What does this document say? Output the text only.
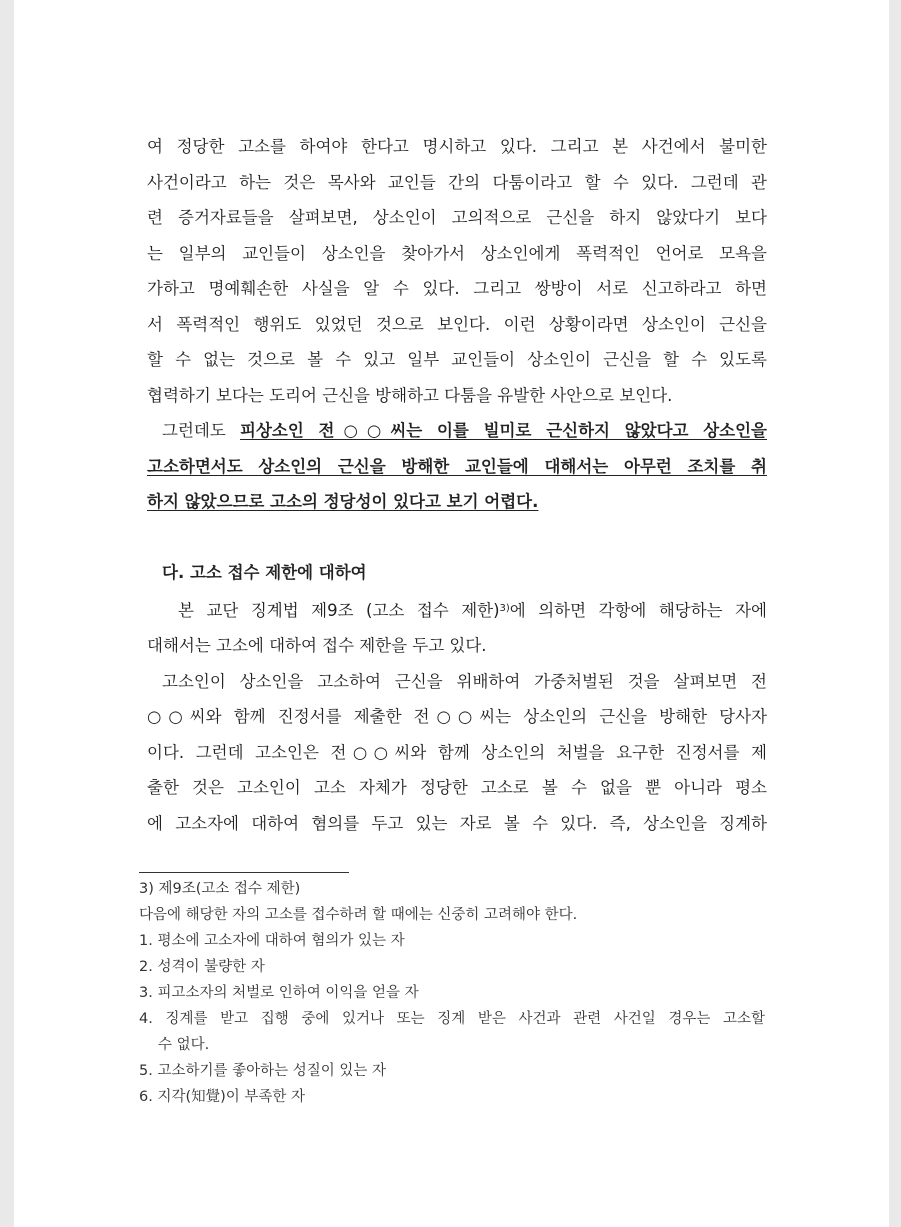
여 정당한 고소를 하여야 한다고 명시하고 있다. 그리고 본 사건에서 불미한
사건이라고 하는 것은 목사와 교인들 간의 다툼이라고 할 수 있다. 그런데 관
련 증거자료들을 살펴보면, 상소인이 고의적으로 근신을 하지 않았다기 보다
는 일부의 교인들이 상소인을 찾아가서 상소인에게 폭력적인 언어로 모욕을
가하고 명예훼손한 사실을 알 수 있다. 그리고 쌍방이 서로 신고하라고 하면
서 폭력적인 행위도 있었던 것으로 보인다. 이런 상황이라면 상소인이 근신을
할 수 없는 것으로 볼 수 있고 일부 교인들이 상소인이 근신을 할 수 있도록
협력하기 보다는 도리어 근신을 방해하고 다툼을 유발한 사안으로 보인다.
그런데도 피상소인 전○○씨는 이를 빌미로 근신하지 않았다고 상소인을
고소하면서도 상소인의 근신을 방해한 교인들에 대해서는 아무런 조치를 취
하지 않았으므로 고소의 정당성이 있다고 보기 어렵다.
다. 고소 접수 제한에 대하여
본 교단 징계법 제9조 (고소 접수 제한)$^{3)}$에 의하면 각항에 해당하는 자에
대해서는 고소에 대하여 접수 제한을 두고 있다.
고소인이 상소인을 고소하여 근신을 위배하여 가중처벌된 것을 살펴보면 전
○○씨와 함께 진정서를 제출한 전○○씨는 상소인의 근신을 방해한 당사자
이다. 그런데 고소인은 전○○씨와 함께 상소인의 처벌을 요구한 진정서를 제
출한 것은 고소인이 고소 자체가 정당한 고소로 볼 수 없을 뿐 아니라 평소
에 고소자에 대하여 혐의를 두고 있는 자로 볼 수 있다. 즉, 상소인을 징계하
3) 제9조(고소 접수 제한)
다음에 해당한 자의 고소를 접수하려 할 때에는 신중히 고려해야 한다.
1. 평소에 고소자에 대하여 혐의가 있는 자
2. 성격이 불량한 자
3. 피고소자의 처벌로 인하여 이익을 얻을 자
4. 징계를 받고 집행 중에 있거나 또는 징계 받은 사건과 관련 사건일 경우는 고소할
수 없다.
5. 고소하기를 좋아하는 성질이 있는 자
6. 지각(知覺)이 부족한 자
